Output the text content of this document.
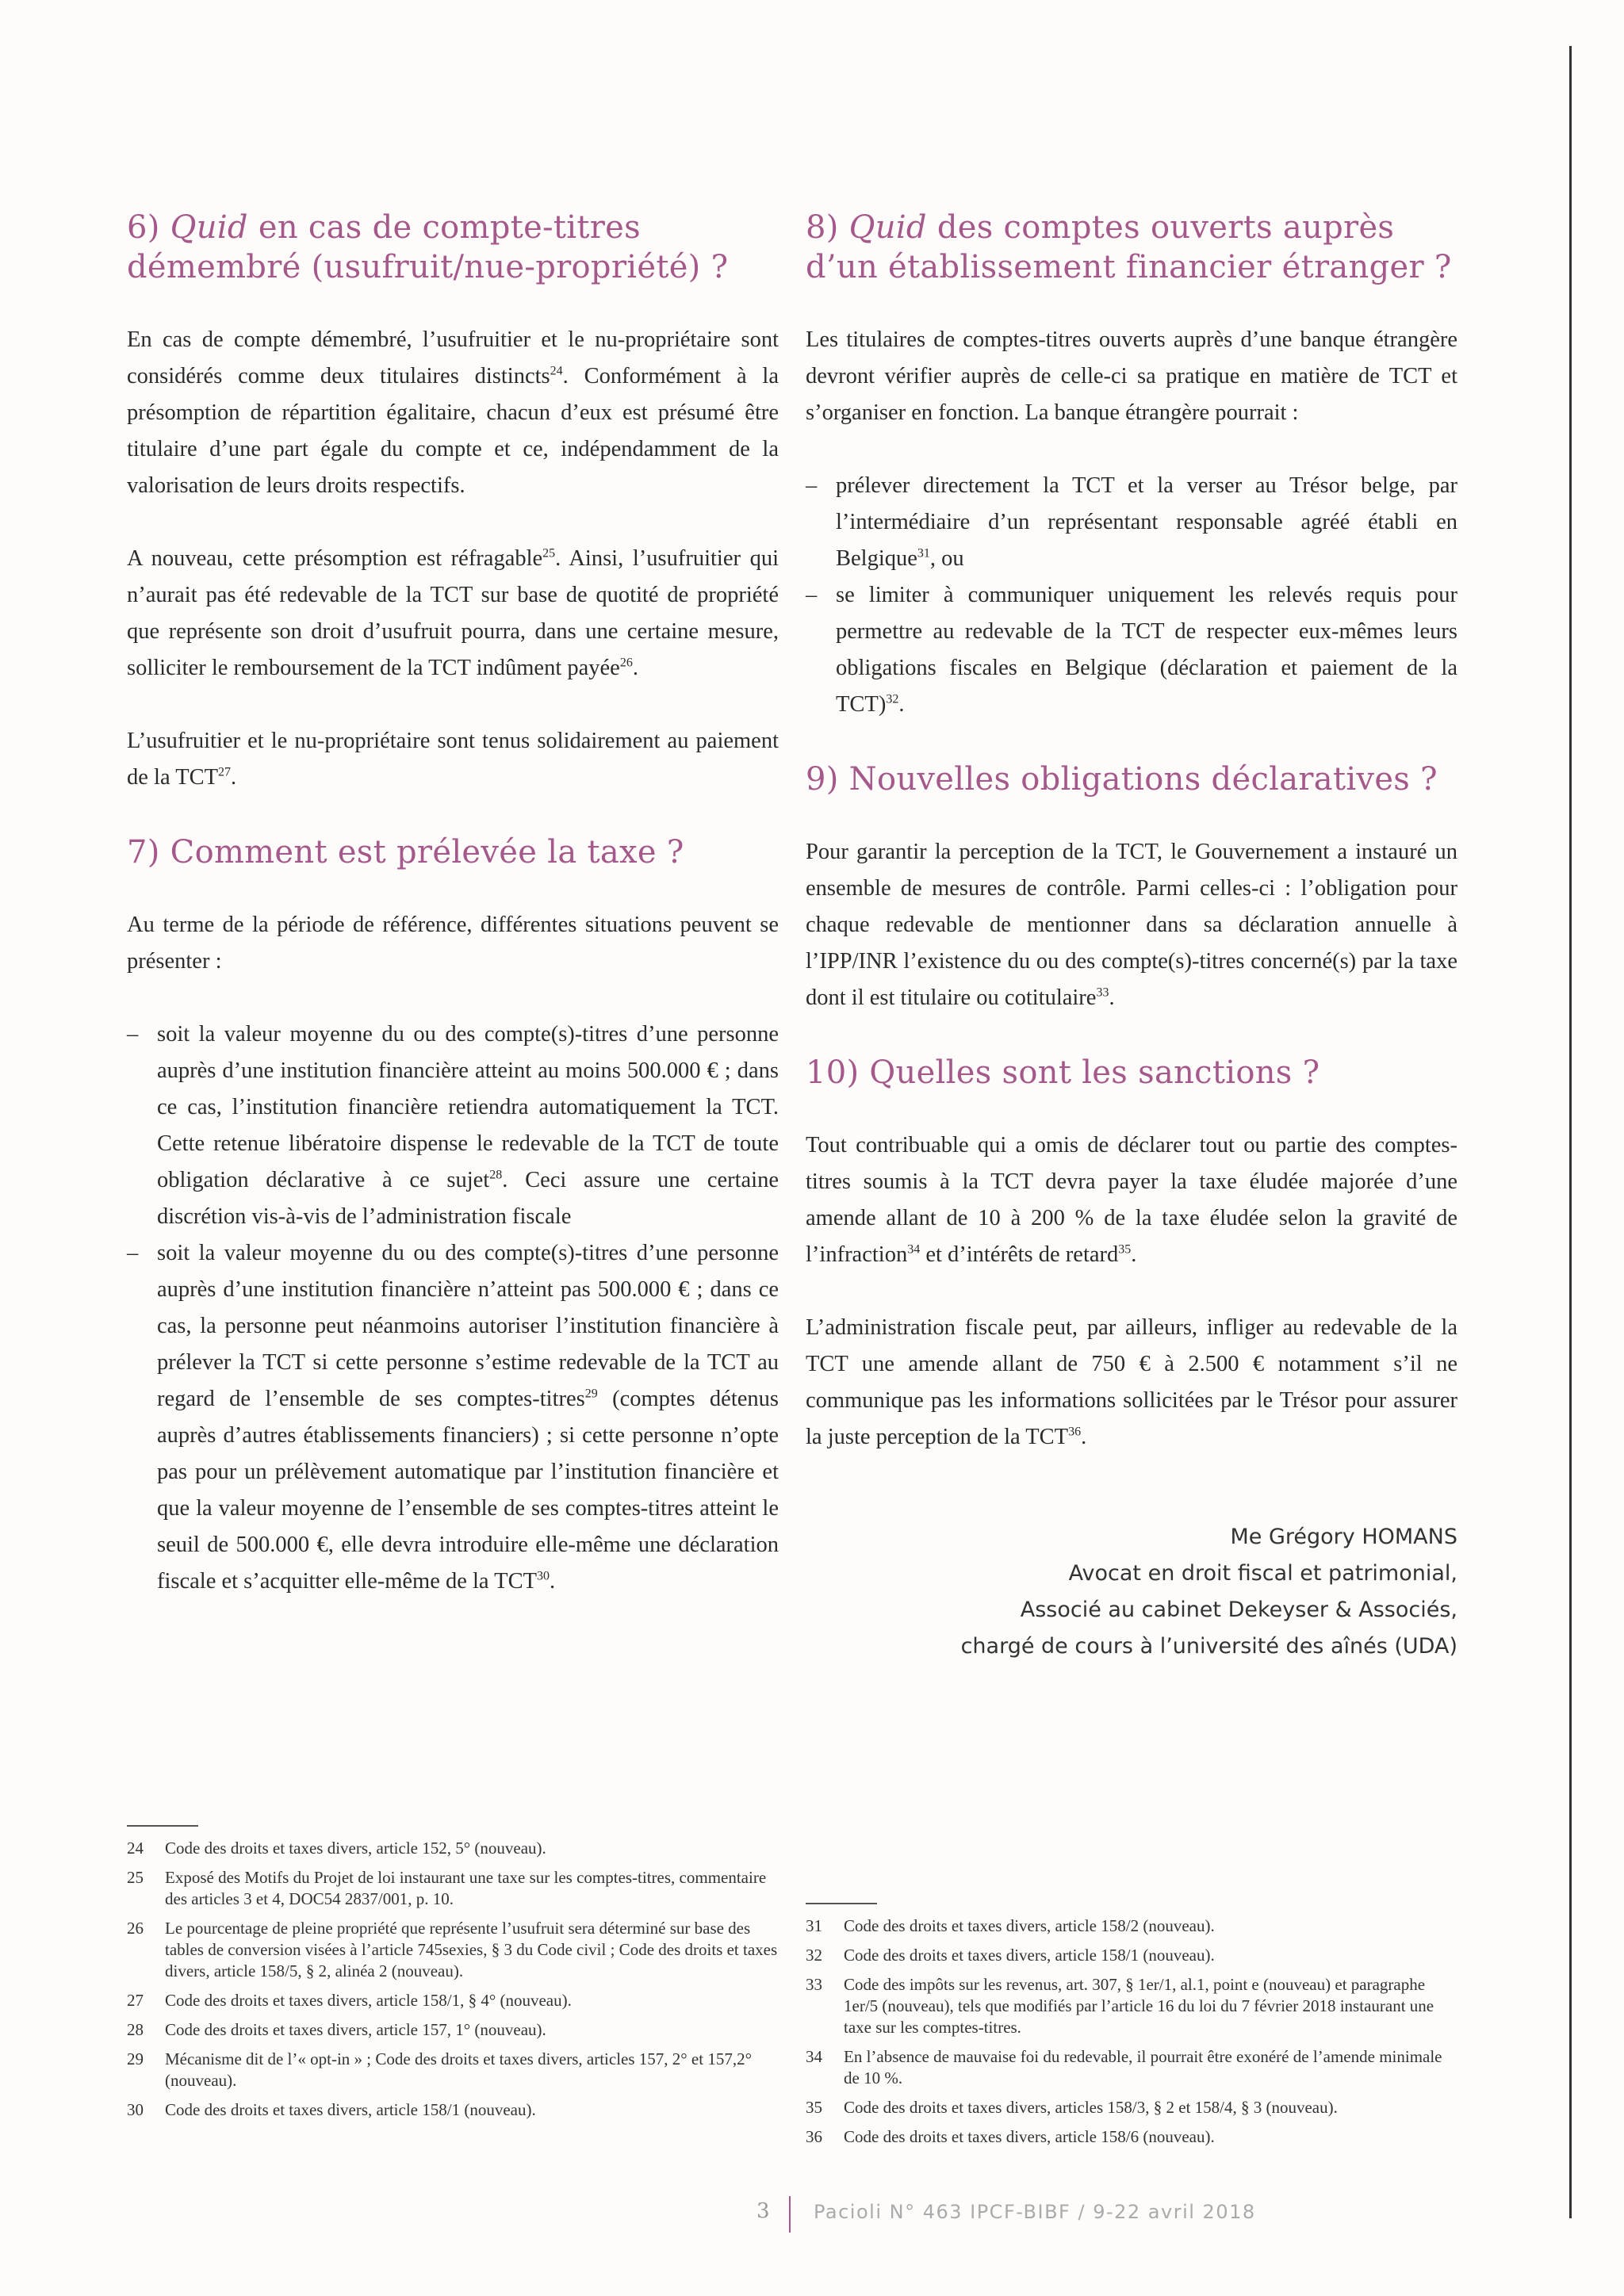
6) Quid en cas de compte-titres démembré (usufruit/nue-propriété) ?

En cas de compte démembré, l’usufruitier et le nu-propriétaire sont considérés comme deux titulaires distincts$^{24}$. Conformément à la présomption de répartition égalitaire, chacun d’eux est présumé être titulaire d’une part égale du compte et ce, indépendamment de la valorisation de leurs droits respectifs.

A nouveau, cette présomption est réfragable$^{25}$. Ainsi, l’usufruitier qui n’aurait pas été redevable de la TCT sur base de quotité de propriété que représente son droit d’usufruit pourra, dans une certaine mesure, solliciter le remboursement de la TCT indûment payée$^{26}$.

L’usufruitier et le nu-propriétaire sont tenus solidairement au paiement de la TCT$^{27}$.

7) Comment est prélevée la taxe ?

Au terme de la période de référence, différentes situations peuvent se présenter :

– soit la valeur moyenne du ou des compte(s)-titres d’une personne auprès d’une institution financière atteint au moins 500.000 € ; dans ce cas, l’institution financière retiendra automatiquement la TCT. Cette retenue libératoire dispense le redevable de la TCT de toute obligation déclarative à ce sujet$^{28}$. Ceci assure une certaine discrétion vis-à-vis de l’administration fiscale
– soit la valeur moyenne du ou des compte(s)-titres d’une personne auprès d’une institution financière n’atteint pas 500.000 € ; dans ce cas, la personne peut néanmoins autoriser l’institution financière à prélever la TCT si cette personne s’estime redevable de la TCT au regard de l’ensemble de ses comptes-titres$^{29}$ (comptes détenus auprès d’autres établissements financiers) ; si cette personne n’opte pas pour un prélèvement automatique par l’institution financière et que la valeur moyenne de l’ensemble de ses comptes-titres atteint le seuil de 500.000 €, elle devra introduire elle-même une déclaration fiscale et s’acquitter elle-même de la TCT$^{30}$.
8) Quid des comptes ouverts auprès d’un établissement financier étranger ?

Les titulaires de comptes-titres ouverts auprès d’une banque étrangère devront vérifier auprès de celle-ci sa pratique en matière de TCT et s’organiser en fonction. La banque étrangère pourrait :

– prélever directement la TCT et la verser au Trésor belge, par l’intermédiaire d’un représentant responsable agréé établi en Belgique$^{31}$, ou
– se limiter à communiquer uniquement les relevés requis pour permettre au redevable de la TCT de respecter eux-mêmes leurs obligations fiscales en Belgique (déclaration et paiement de la TCT)$^{32}$.
9) Nouvelles obligations déclaratives ?

Pour garantir la perception de la TCT, le Gouvernement a instauré un ensemble de mesures de contrôle. Parmi celles-ci : l’obligation pour chaque redevable de mentionner dans sa déclaration annuelle à l’IPP/INR l’existence du ou des compte(s)-titres concerné(s) par la taxe dont il est titulaire ou cotitulaire$^{33}$.

10) Quelles sont les sanctions ?

Tout contribuable qui a omis de déclarer tout ou partie des comptes-titres soumis à la TCT devra payer la taxe éludée majorée d’une amende allant de 10 à 200 % de la taxe éludée selon la gravité de l’infraction$^{34}$ et d’intérêts de retard$^{35}$.

L’administration fiscale peut, par ailleurs, infliger au redevable de la TCT une amende allant de 750 € à 2.500 € notamment s’il ne communique pas les informations sollicitées par le Trésor pour assurer la juste perception de la TCT$^{36}$.

Me Grégory HOMANS
Avocat en droit fiscal et patrimonial,
Associé au cabinet Dekeyser & Associés,
chargé de cours à l’université des aînés (UDA)
24 Code des droits et taxes divers, article 152, 5° (nouveau).
25 Exposé des Motifs du Projet de loi instaurant une taxe sur les comptes-titres, commentaire des articles 3 et 4, DOC54 2837/001, p. 10.
26 Le pourcentage de pleine propriété que représente l’usufruit sera déterminé sur base des tables de conversion visées à l’article 745sexies, § 3 du Code civil ; Code des droits et taxes divers, article 158/5, § 2, alinéa 2 (nouveau).
27 Code des droits et taxes divers, article 158/1, § 4° (nouveau).
28 Code des droits et taxes divers, article 157, 1° (nouveau).
29 Mécanisme dit de l’« opt-in » ; Code des droits et taxes divers, articles 157, 2° et 157,2° (nouveau).
30 Code des droits et taxes divers, article 158/1 (nouveau).
31 Code des droits et taxes divers, article 158/2 (nouveau).
32 Code des droits et taxes divers, article 158/1 (nouveau).
33 Code des impôts sur les revenus, art. 307, § 1er/1, al.1, point e (nouveau) et paragraphe 1er/5 (nouveau), tels que modifiés par l’article 16 du loi du 7 février 2018 instaurant une taxe sur les comptes-titres.
34 En l’absence de mauvaise foi du redevable, il pourrait être exonéré de l’amende minimale de 10 %.
35 Code des droits et taxes divers, articles 158/3, § 2 et 158/4, § 3 (nouveau).
36 Code des droits et taxes divers, article 158/6 (nouveau).
3 Pacioli N° 463 IPCF-BIBF / 9-22 avril 2018
